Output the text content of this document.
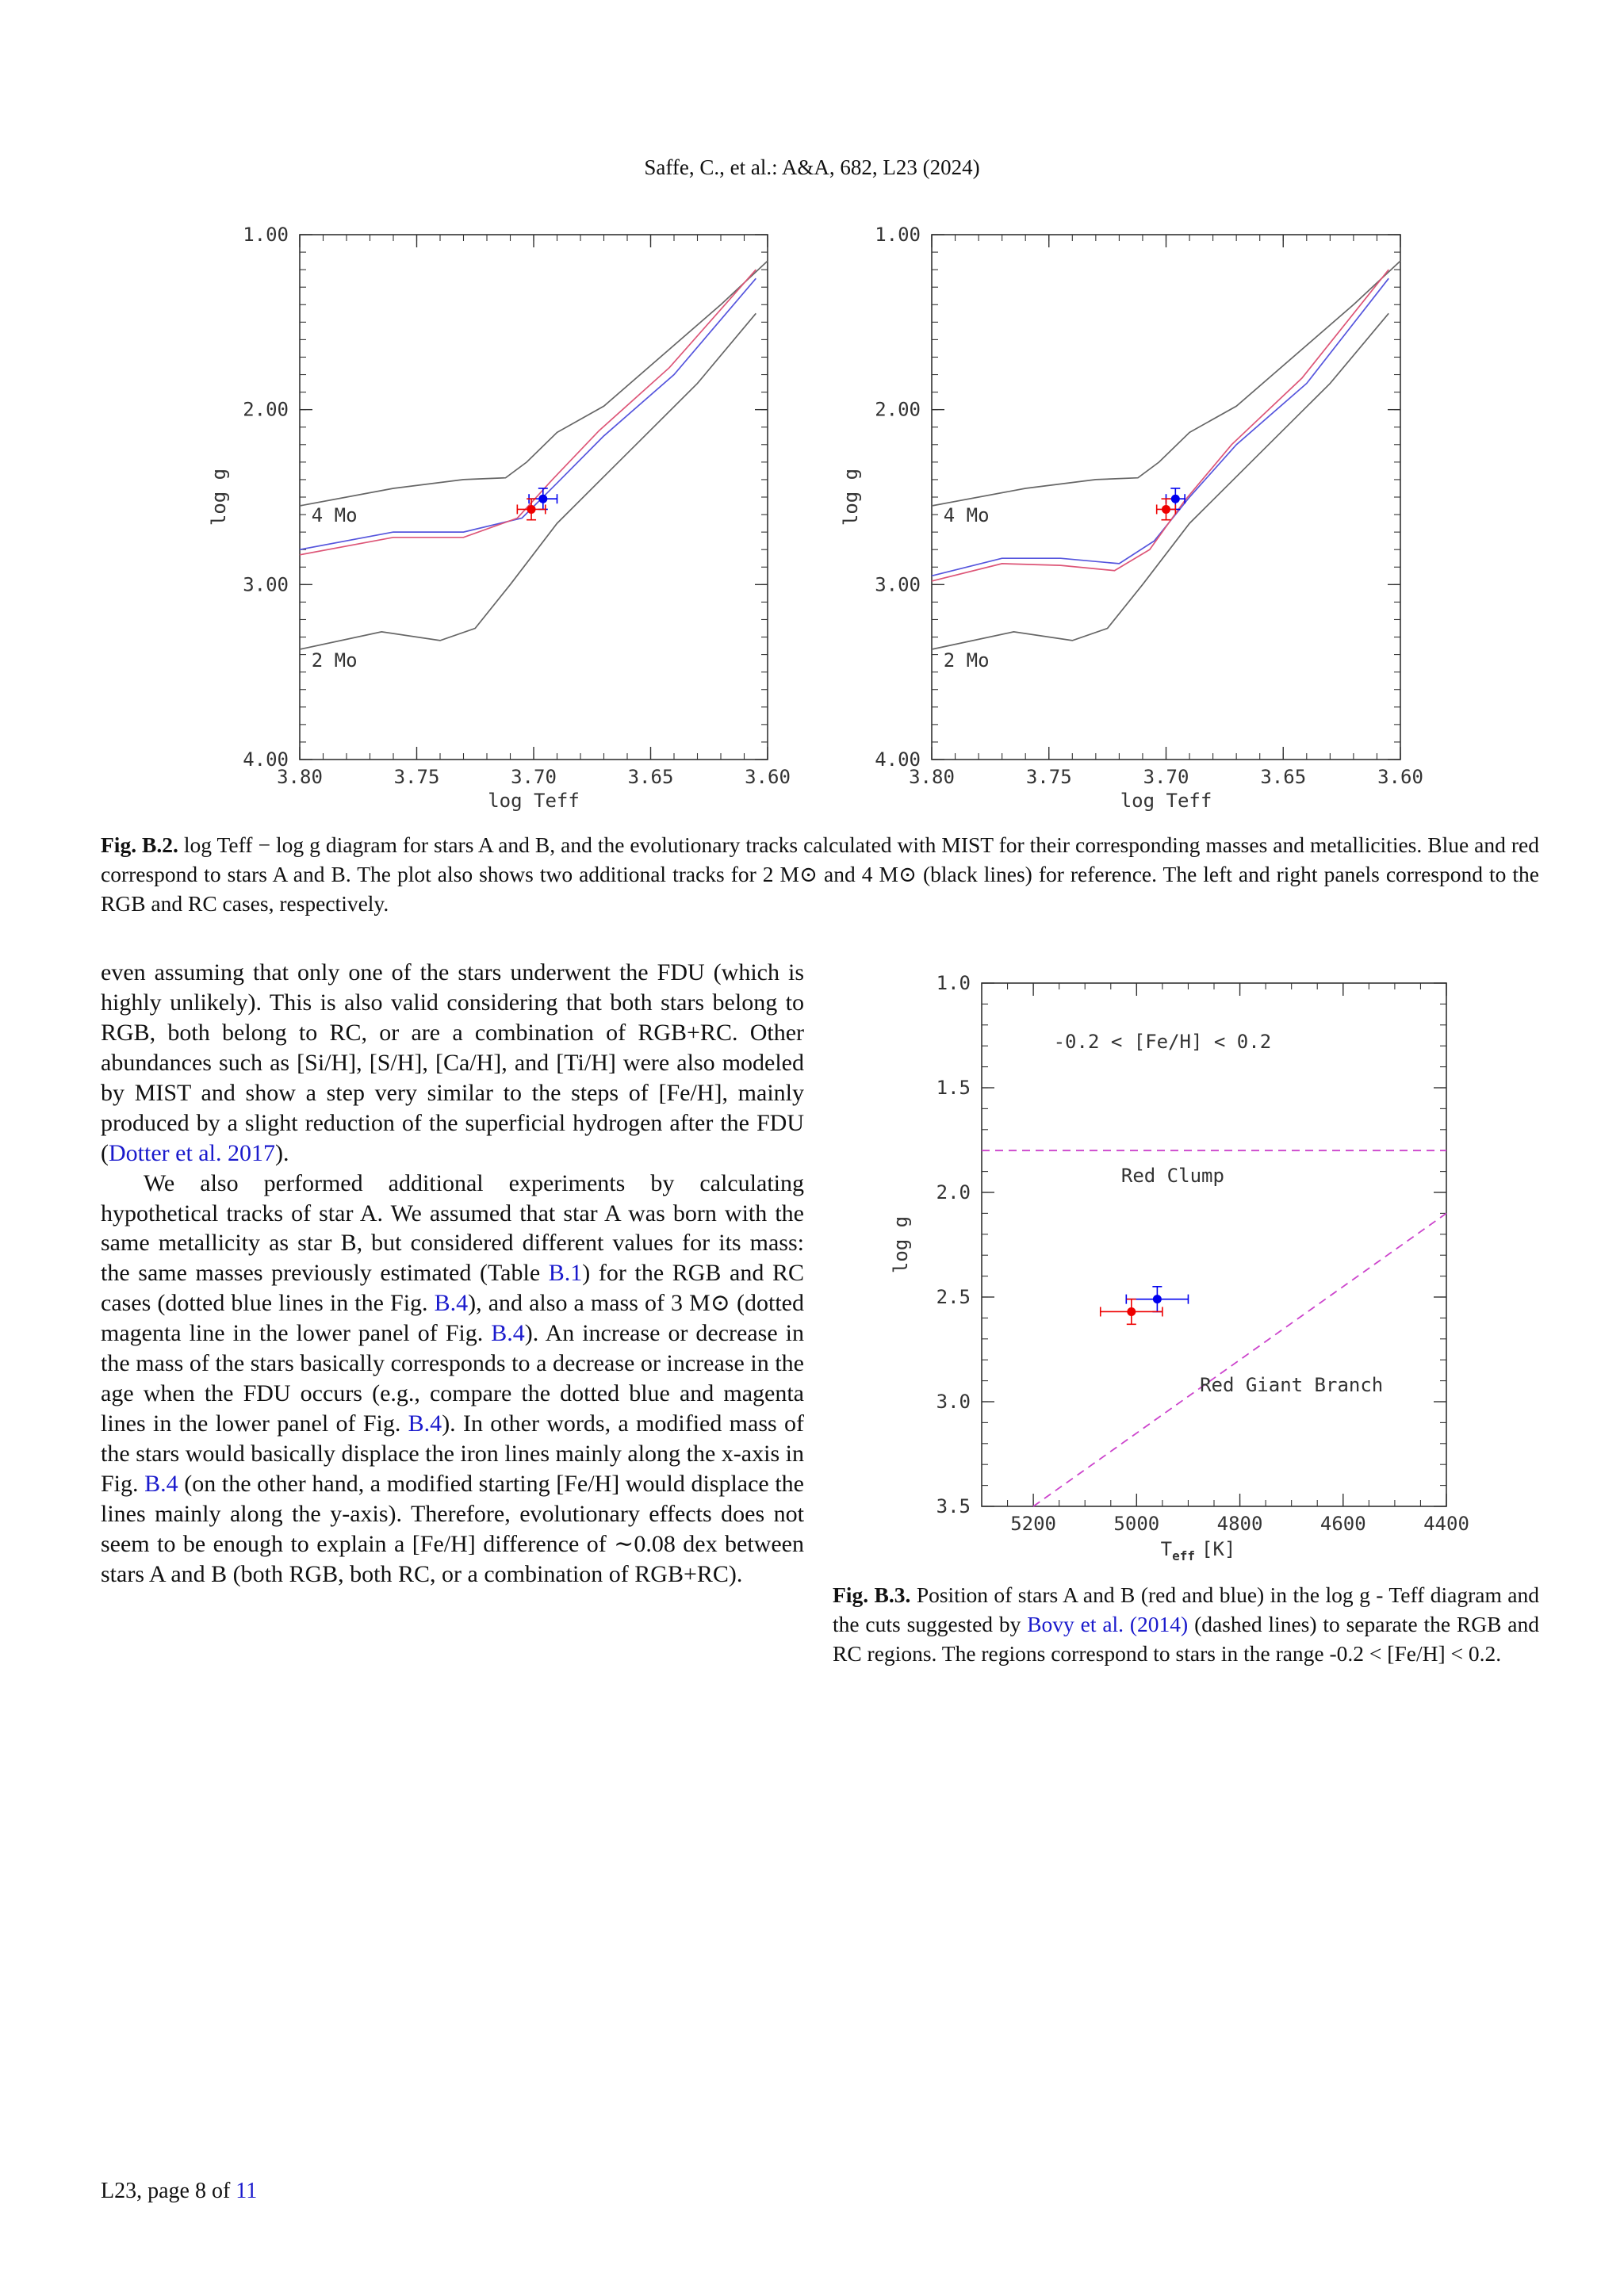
Saffe, C., et al.: A&A, 682, L23 (2024)
3.80	3.75	3.70	3.65	3.60
1.00
2.00
3.00
4.00
log Teff
log g	4 Mo
2 Mo
3.80	3.75	3.70	3.65	3.60
1.00
2.00
3.00
4.00
log Teff
log g	4 Mo
2 Mo
5200	5000	4800	4600	4400
1.0
1.5
2.0
2.5
3.0
3.5
$T_{eff}$ [K]
log g
-0.2 < [Fe/H] < 0.2
Red Clump
Red Giant Branch
Fig. B.2. log Teff − log g diagram for stars A and B, and the evolutionary tracks calculated with MIST for their corresponding masses and metallicities. Blue and red correspond to stars A and B. The plot also shows two additional tracks for 2 M⊙ and 4 M⊙ (black lines) for reference. The left and right panels correspond to the RGB and RC cases, respectively.

even assuming that only one of the stars underwent the FDU (which is highly unlikely). This is also valid considering that both stars belong to RGB, both belong to RC, or are a combination of RGB+RC. Other abundances such as [Si/H], [S/H], [Ca/H], and [Ti/H] were also modeled by MIST and show a step very similar to the steps of [Fe/H], mainly produced by a slight reduction of the superficial hydrogen after the FDU (Dotter et al. 2017).

We also performed additional experiments by calculating hypothetical tracks of star A. We assumed that star A was born with the same metallicity as star B, but considered different values for its mass: the same masses previously estimated (Table B.1) for the RGB and RC cases (dotted blue lines in the Fig. B.4), and also a mass of 3 M⊙ (dotted magenta line in the lower panel of Fig. B.4). An increase or decrease in the mass of the stars basically corresponds to a decrease or increase in the age when the FDU occurs (e.g., compare the dotted blue and magenta lines in the lower panel of Fig. B.4). In other words, a modified mass of the stars would basically displace the iron lines mainly along the x-axis in Fig. B.4 (on the other hand, a modified starting [Fe/H] would displace the lines mainly along the y-axis). Therefore, evolutionary effects does not seem to be enough to explain a [Fe/H] difference of ∼0.08 dex between stars A and B (both RGB, both RC, or a combination of RGB+RC).

Fig. B.3. Position of stars A and B (red and blue) in the log g - Teff diagram and the cuts suggested by Bovy et al. (2014) (dashed lines) to separate the RGB and RC regions. The regions correspond to stars in the range -0.2 < [Fe/H] < 0.2.
L23, page 8 of 11
